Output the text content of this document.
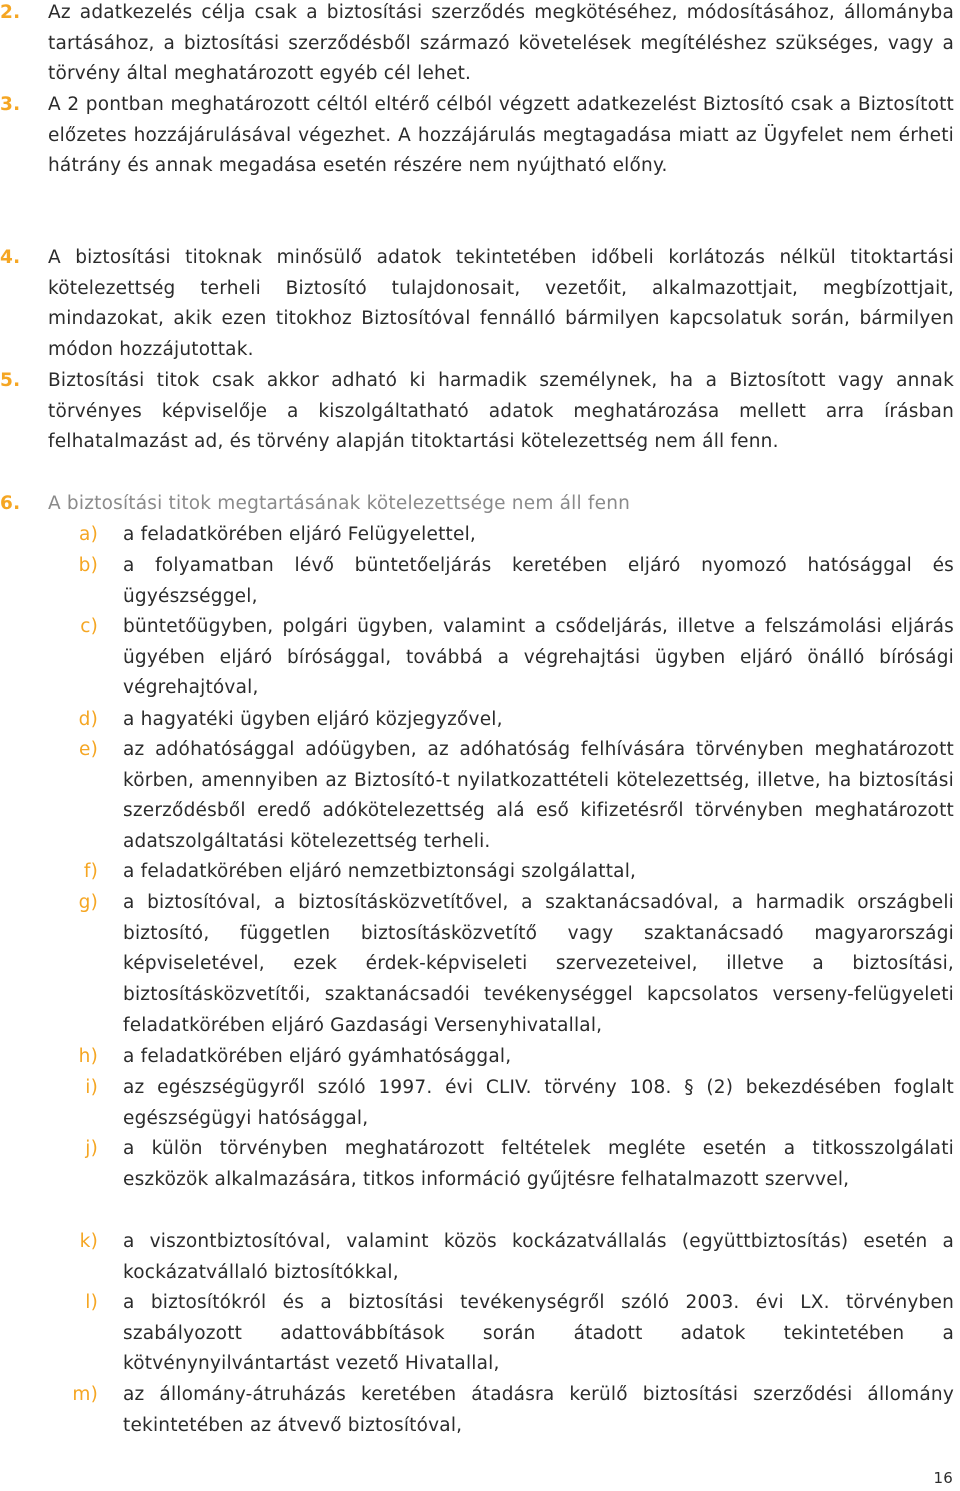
2.	Az adatkezelés célja csak a biztosítási szerződés megkötéséhez, módosításához, állományba tartásához, a biztosítási szerződésből származó követelések megítéléshez szükséges, vagy a törvény által meghatározott egyéb cél lehet.
3.	A 2 pontban meghatározott céltól eltérő célból végzett adatkezelést Biztosító csak a Biztosított előzetes hozzájárulásával végezhet. A hozzájárulás megtagadása miatt az Ügyfelet nem érheti hátrány és annak megadása esetén részére nem nyújtható előny.
4.	A biztosítási titoknak minősülő adatok tekintetében időbeli korlátozás nélkül titoktartási kötelezettség terheli Biztosító tulajdonosait, vezetőit, alkalmazottjait, megbízottjait, mindazokat, akik ezen titokhoz Biztosítóval fennálló bármilyen kapcsolatuk során, bármilyen módon hozzájutottak.
5.	Biztosítási titok csak akkor adható ki harmadik személynek, ha a Biztosított vagy annak törvényes képviselője a kiszolgáltatható adatok meghatározása mellett arra írásban felhatalmazást ad, és törvény alapján titoktartási kötelezettség nem áll fenn.
6.	A biztosítási titok megtartásának kötelezettsége nem áll fenn
a) a feladatkörében eljáró Felügyelettel,
b) a folyamatban lévő büntetőeljárás keretében eljáró nyomozó hatósággal és ügyészséggel,
c) büntetőügyben, polgári ügyben, valamint a csődeljárás, illetve a felszámolási eljárás ügyében eljáró bírósággal, továbbá a végrehajtási ügyben eljáró önálló bírósági végrehajtóval,
d) a hagyatéki ügyben eljáró közjegyzővel,
e) az adóhatósággal adóügyben, az adóhatóság felhívására törvényben meghatározott körben, amennyiben az Biztosító-t nyilatkozattételi kötelezettség, illetve, ha biztosítási szerződésből eredő adókötelezettség alá eső kifizetésről törvényben meghatározott adatszolgáltatási kötelezettség terheli.
f) a feladatkörében eljáró nemzetbiztonsági szolgálattal,
g) a biztosítóval, a biztosításközvetítővel, a szaktanácsadóval, a harmadik országbeli biztosító, független biztosításközvetítő vagy szaktanácsadó magyarországi képviseletével, ezek érdek-képviseleti szervezeteivel, illetve a biztosítási, biztosításközvetítői, szaktanácsadói tevékenységgel kapcsolatos verseny-felügyeleti feladatkörében eljáró Gazdasági Versenyhivatallal,
h) a feladatkörében eljáró gyámhatósággal,
i) az egészségügyről szóló 1997. évi CLIV. törvény 108. § (2) bekezdésében foglalt egészségügyi hatósággal,
j) a külön törvényben meghatározott feltételek megléte esetén a titkosszolgálati eszközök alkalmazására, titkos információ gyűjtésre felhatalmazott szervvel,
k) a viszontbiztosítóval, valamint közös kockázatvállalás (együttbiztosítás) esetén a kockázatvállaló biztosítókkal,
l) a biztosítókról és a biztosítási tevékenységről szóló 2003. évi LX. törvényben szabályozott adattovábbítások során átadott adatok tekintetében a kötvénynyilvántartást vezető Hivatallal,
m) az állomány-átruházás keretében átadásra kerülő biztosítási szerződési állomány tekintetében az átvevő biztosítóval,
16
